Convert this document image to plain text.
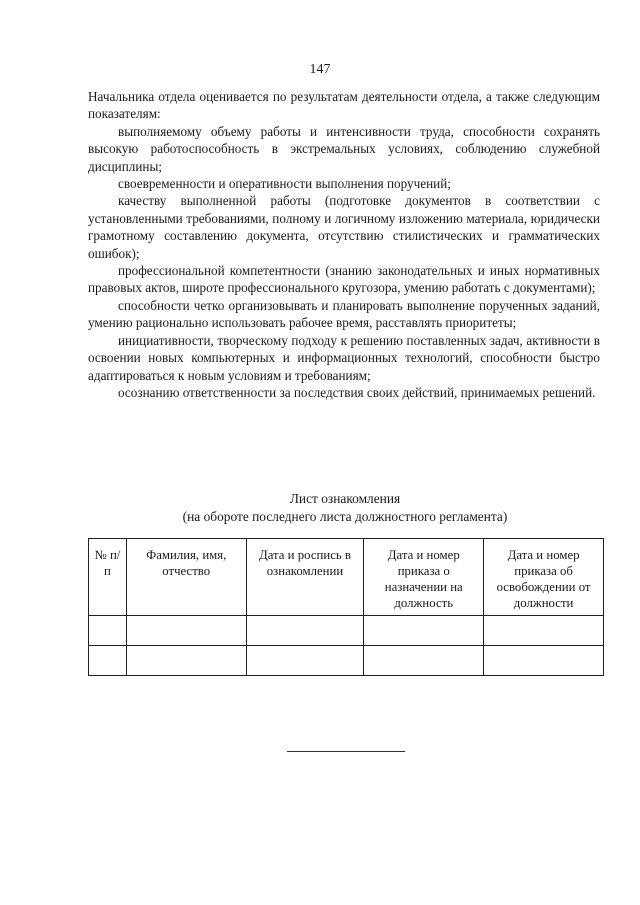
147

Начальника отдела оценивается по результатам деятельности отдела, а также следующим показателям:

выполняемому объему работы и интенсивности труда, способности сохранять высокую работоспособность в экстремальных условиях, соблюдению служебной дисциплины;

своевременности и оперативности выполнения поручений;

качеству выполненной работы (подготовке документов в соответствии с установленными требованиями, полному и логичному изложению материала, юридически грамотному составлению документа, отсутствию стилистических и грамматических ошибок);

профессиональной компетентности (знанию законодательных и иных нормативных правовых актов, широте профессионального кругозора, умению работать с документами);

способности четко организовывать и планировать выполнение порученных заданий, умению рационально использовать рабочее время, расставлять приоритеты;

инициативности, творческому подходу к решению поставленных задач, активности в освоении новых компьютерных и информационных технологий, способности быстро адаптироваться к новым условиям и требованиям;

осознанию ответственности за последствия своих действий, принимаемых решений.

Лист ознакомления
(на обороте последнего листа должностного регламента)
№ п/п	Фамилия, имя, отчество	Дата и роспись в ознакомлении	Дата и номер приказа о назначении на должность	Дата и номер приказа об освобождении от должности
